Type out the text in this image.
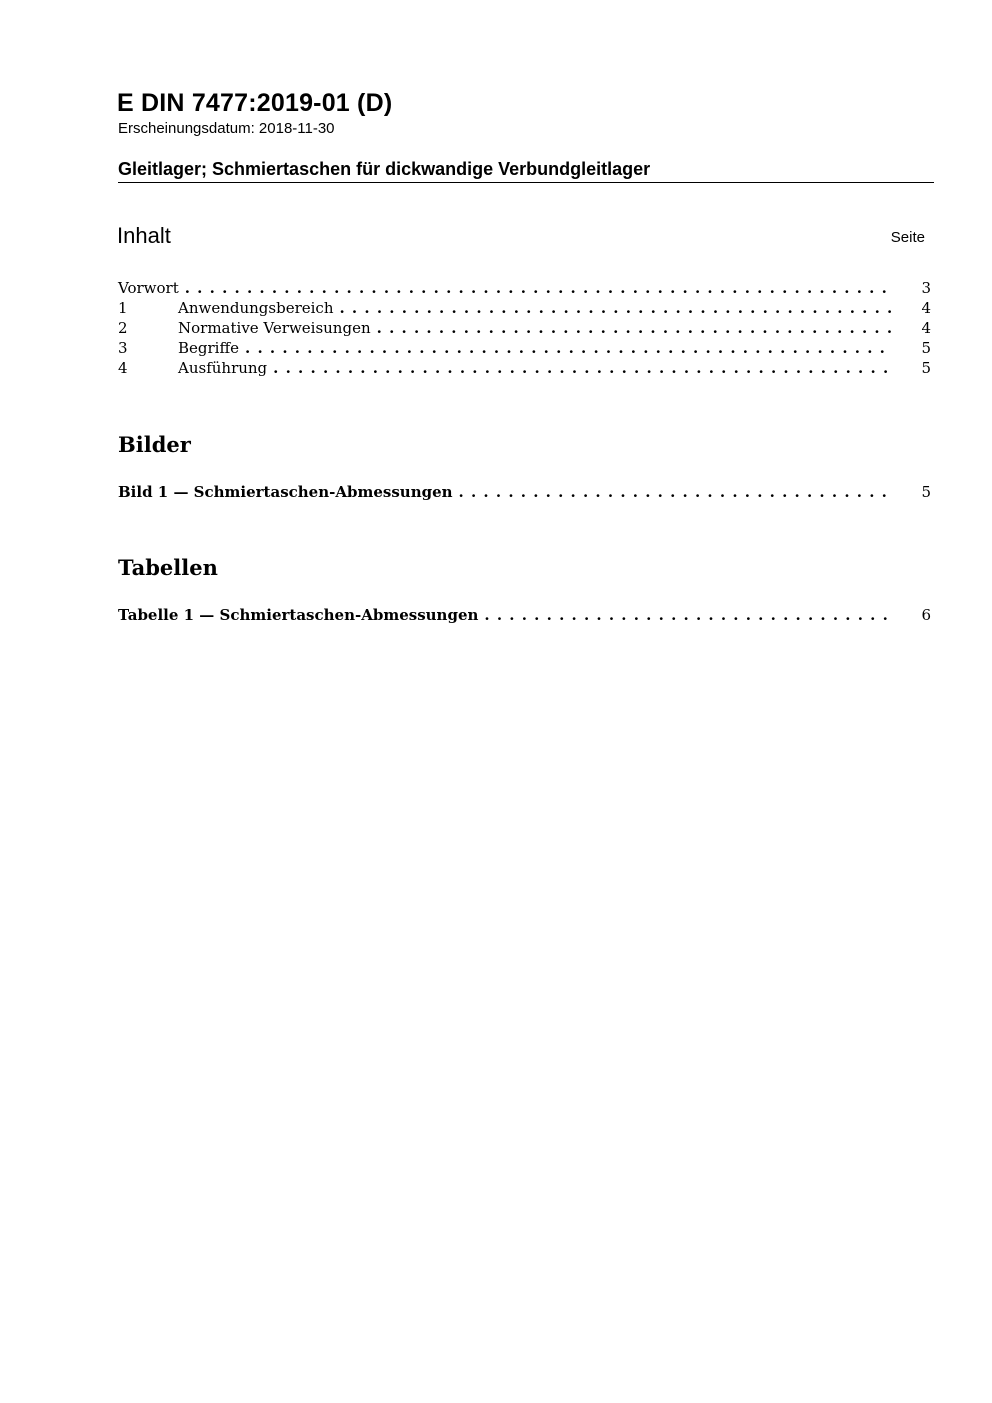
E DIN 7477:2019-01 (D)
Erscheinungsdatum: 2018-11-30
Gleitlager; Schmiertaschen für dickwandige Verbundgleitlager
Inhalt	Seite
Vorwort . . .	3
1	Anwendungsbereich . . .	4
2	Normative Verweisungen . . .	4
3	Begriffe . . .	5
4	Ausführung . . .	5
Bilder
Bild 1 — Schmiertaschen-Abmessungen . . .	5
Tabellen
Tabelle 1 — Schmiertaschen-Abmessungen . . .	6
